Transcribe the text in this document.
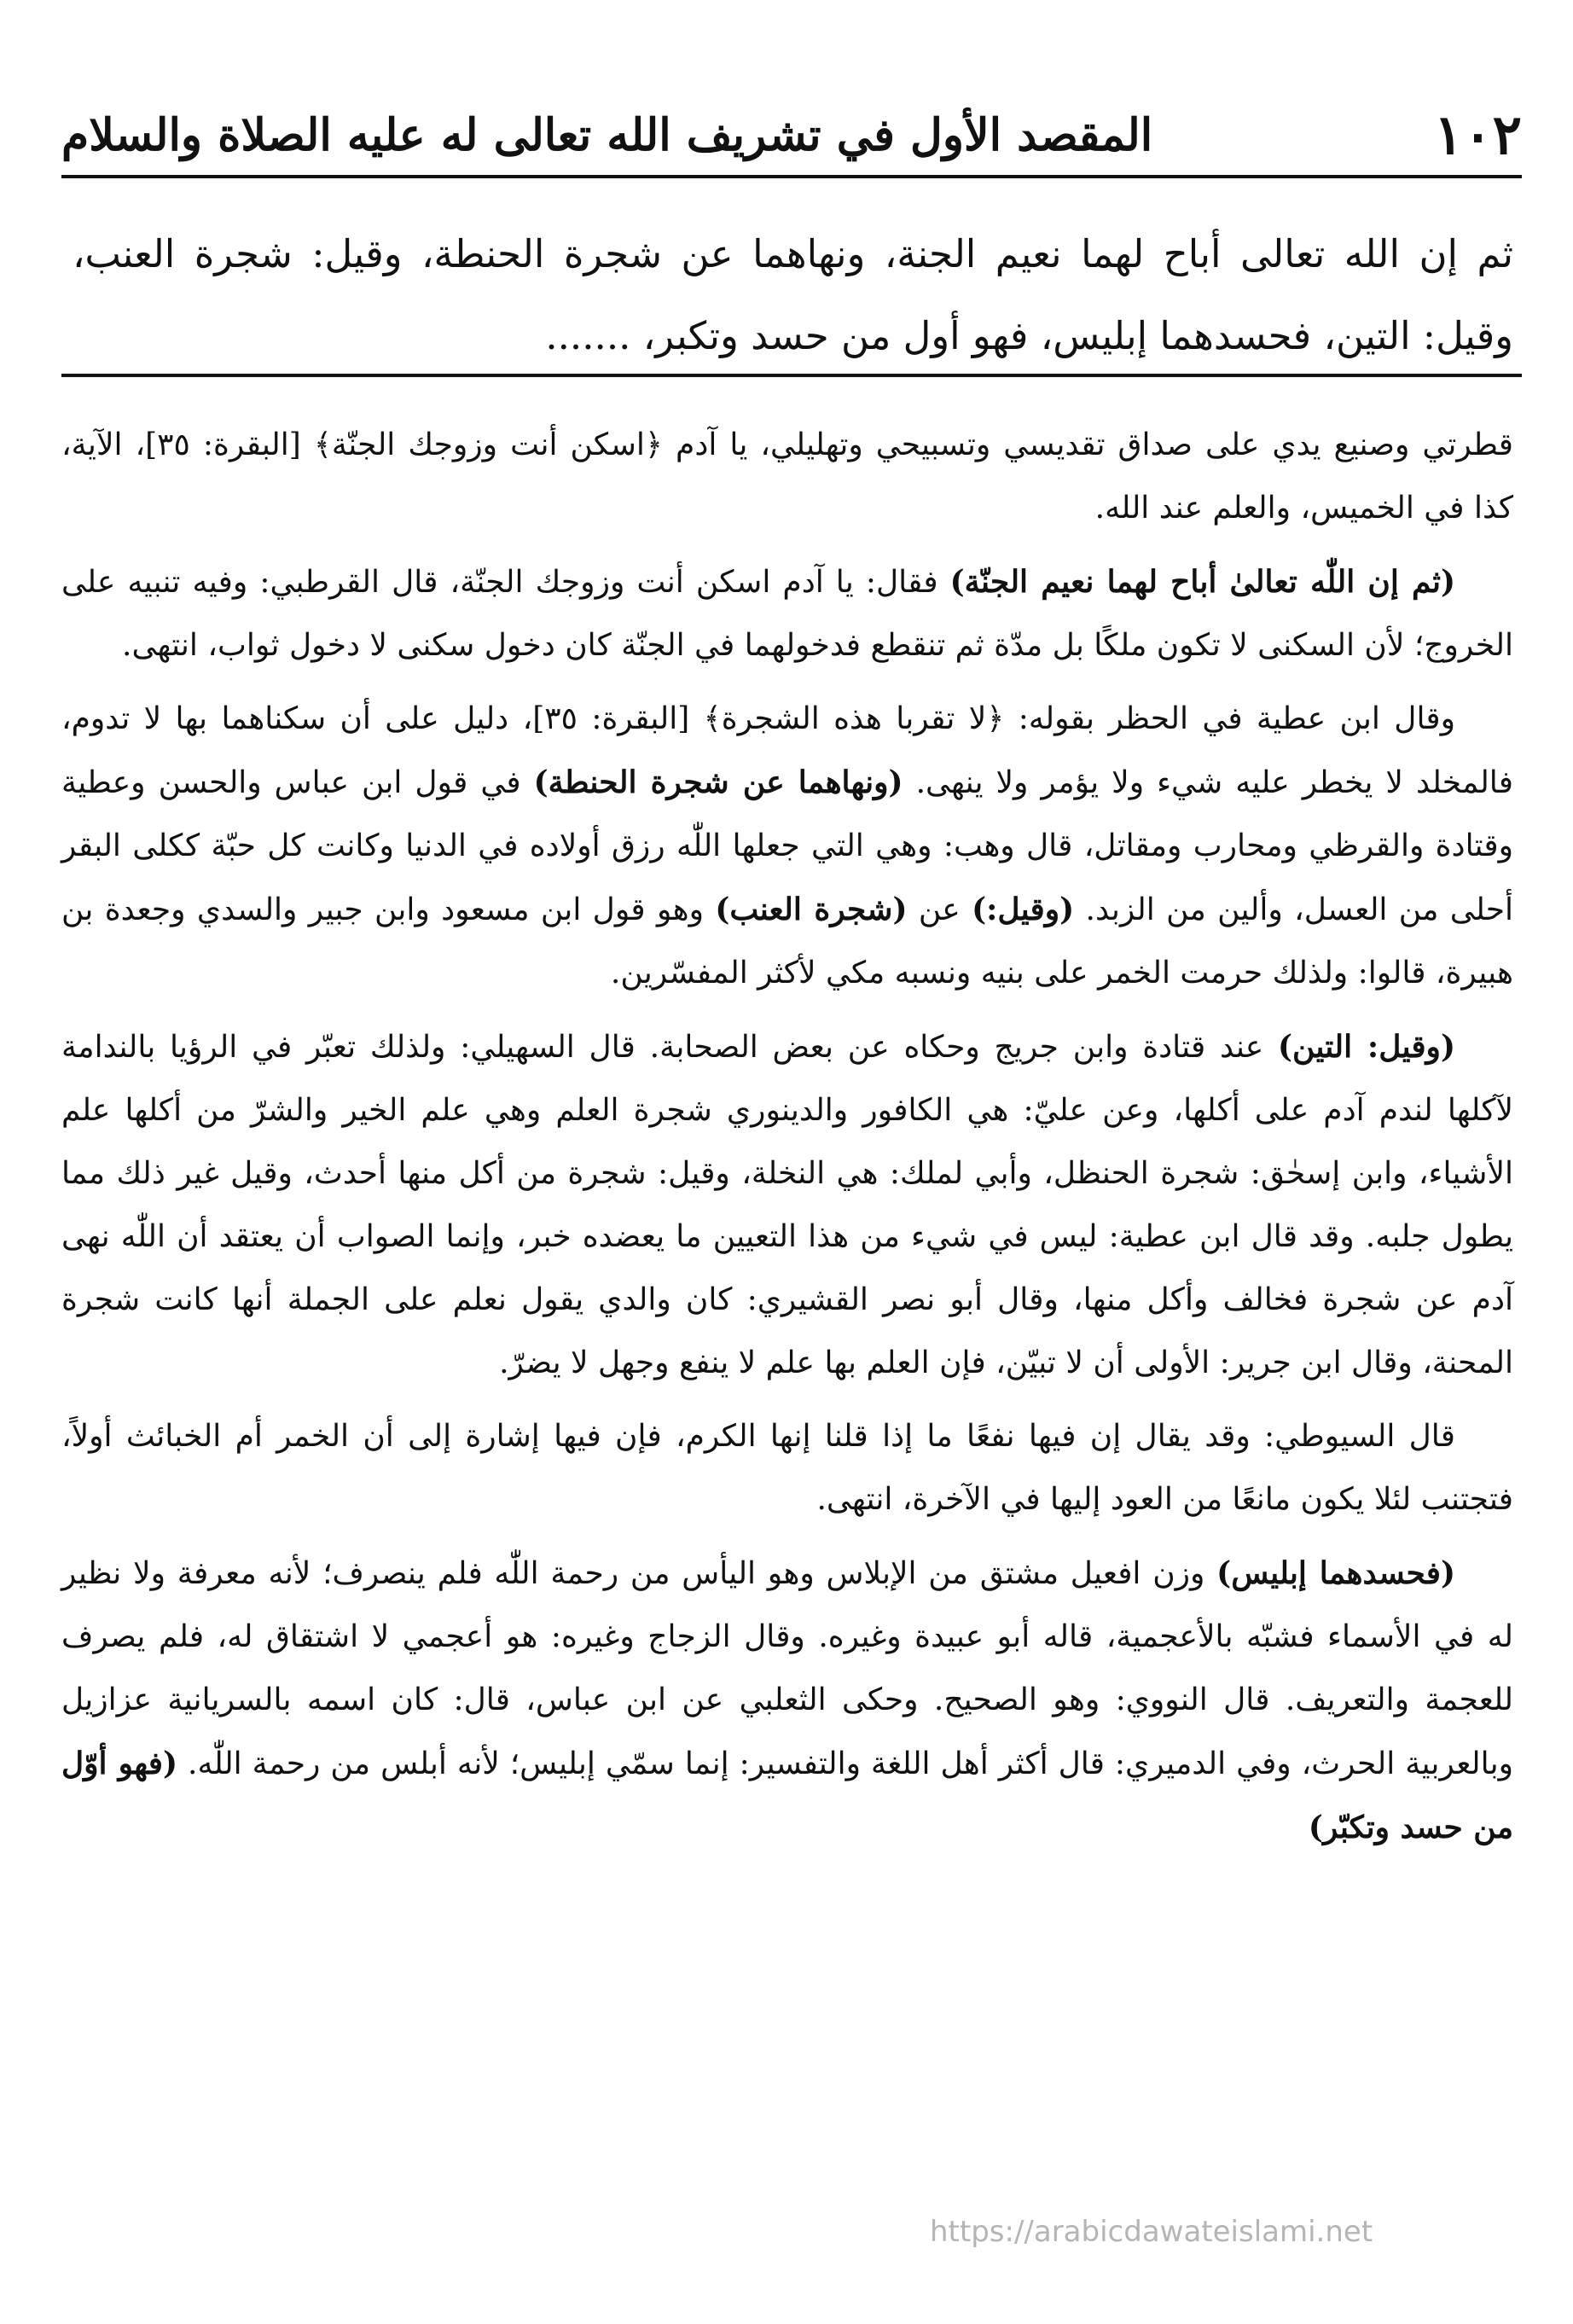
١٠٢
المقصد الأول في تشريف الله تعالى له عليه الصلاة والسلام
ثم إن الله تعالى أباح لهما نعيم الجنة، ونهاهما عن شجرة الحنطة، وقيل: شجرة العنب، وقيل: التين، فحسدهما إبليس، فهو أول من حسد وتكبر، .......

قطرتي وصنيع يدي على صداق تقديسي وتسبيحي وتهليلي، يا آدم ﴿اسكن أنت وزوجك الجنّة﴾ [البقرة: ٣٥]، الآية، كذا في الخميس، والعلم عند الله.

(ثم إن اللّٰه تعالىٰ أباح لهما نعيم الجنّة) فقال: يا آدم اسكن أنت وزوجك الجنّة، قال القرطبي: وفيه تنبيه على الخروج؛ لأن السكنى لا تكون ملكًا بل مدّة ثم تنقطع فدخولهما في الجنّة كان دخول سكنى لا دخول ثواب، انتهى.

وقال ابن عطية في الحظر بقوله: ﴿لا تقربا هذه الشجرة﴾ [البقرة: ٣٥]، دليل على أن سكناهما بها لا تدوم، فالمخلد لا يخطر عليه شيء ولا يؤمر ولا ينهى. (ونهاهما عن شجرة الحنطة) في قول ابن عباس والحسن وعطية وقتادة والقرظي ومحارب ومقاتل، قال وهب: وهي التي جعلها اللّٰه رزق أولاده في الدنيا وكانت كل حبّة ككلى البقر أحلى من العسل، وألين من الزبد. (وقيل:) عن (شجرة العنب) وهو قول ابن مسعود وابن جبير والسدي وجعدة بن هبيرة، قالوا: ولذلك حرمت الخمر على بنيه ونسبه مكي لأكثر المفسّرين.

(وقيل: التين) عند قتادة وابن جريج وحكاه عن بعض الصحابة. قال السهيلي: ولذلك تعبّر في الرؤيا بالندامة لآكلها لندم آدم على أكلها، وعن عليّ: هي الكافور والدينوري شجرة العلم وهي علم الخير والشرّ من أكلها علم الأشياء، وابن إسحٰق: شجرة الحنظل، وأبي لملك: هي النخلة، وقيل: شجرة من أكل منها أحدث، وقيل غير ذلك مما يطول جلبه. وقد قال ابن عطية: ليس في شيء من هذا التعيين ما يعضده خبر، وإنما الصواب أن يعتقد أن اللّٰه نهى آدم عن شجرة فخالف وأكل منها، وقال أبو نصر القشيري: كان والدي يقول نعلم على الجملة أنها كانت شجرة المحنة، وقال ابن جرير: الأولى أن لا تبيّن، فإن العلم بها علم لا ينفع وجهل لا يضرّ.

قال السيوطي: وقد يقال إن فيها نفعًا ما إذا قلنا إنها الكرم، فإن فيها إشارة إلى أن الخمر أم الخبائث أولاً، فتجتنب لئلا يكون مانعًا من العود إليها في الآخرة، انتهى.

(فحسدهما إبليس) وزن افعيل مشتق من الإبلاس وهو اليأس من رحمة اللّٰه فلم ينصرف؛ لأنه معرفة ولا نظير له في الأسماء فشبّه بالأعجمية، قاله أبو عبيدة وغيره. وقال الزجاج وغيره: هو أعجمي لا اشتقاق له، فلم يصرف للعجمة والتعريف. قال النووي: وهو الصحيح. وحكى الثعلبي عن ابن عباس، قال: كان اسمه بالسريانية عزازيل وبالعربية الحرث، وفي الدميري: قال أكثر أهل اللغة والتفسير: إنما سمّي إبليس؛ لأنه أبلس من رحمة اللّٰه. (فهو أوّل من حسد وتكبّر)

https://arabicdawateislami.net
